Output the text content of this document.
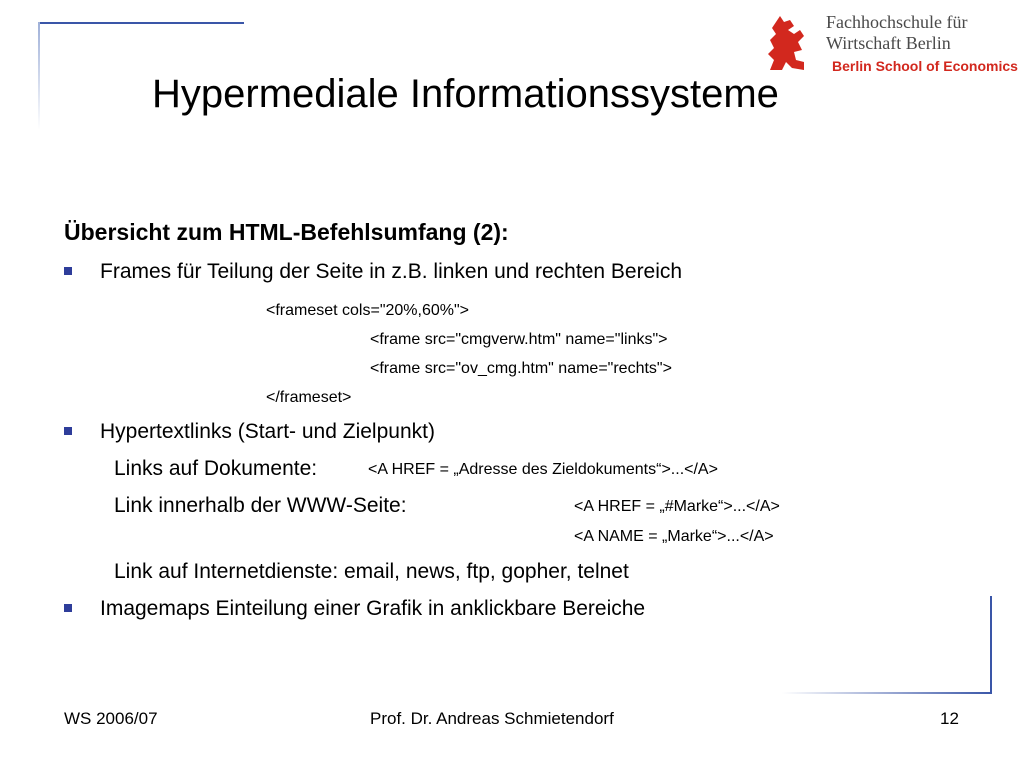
Fachhochschule für
Wirtschaft Berlin
Berlin School of Economics
Hypermediale Informationssysteme
Übersicht zum HTML-Befehlsumfang (2):
Frames für Teilung der Seite in z.B. linken und rechten Bereich
<frameset cols="20%,60%">
<frame src="cmgverw.htm" name="links">
<frame src="ov_cmg.htm" name="rechts">
</frameset>
Hypertextlinks (Start- und Zielpunkt)
Links auf Dokumente:	<A HREF = „Adresse des Zieldokuments“>...</A>
Link innerhalb der WWW-Seite:	<A HREF = „#Marke“>...</A>
<A NAME = „Marke“>...</A>
Link auf Internetdienste: email, news, ftp, gopher, telnet
Imagemaps Einteilung einer Grafik in anklickbare Bereiche
WS 2006/07	Prof. Dr. Andreas Schmietendorf	12
